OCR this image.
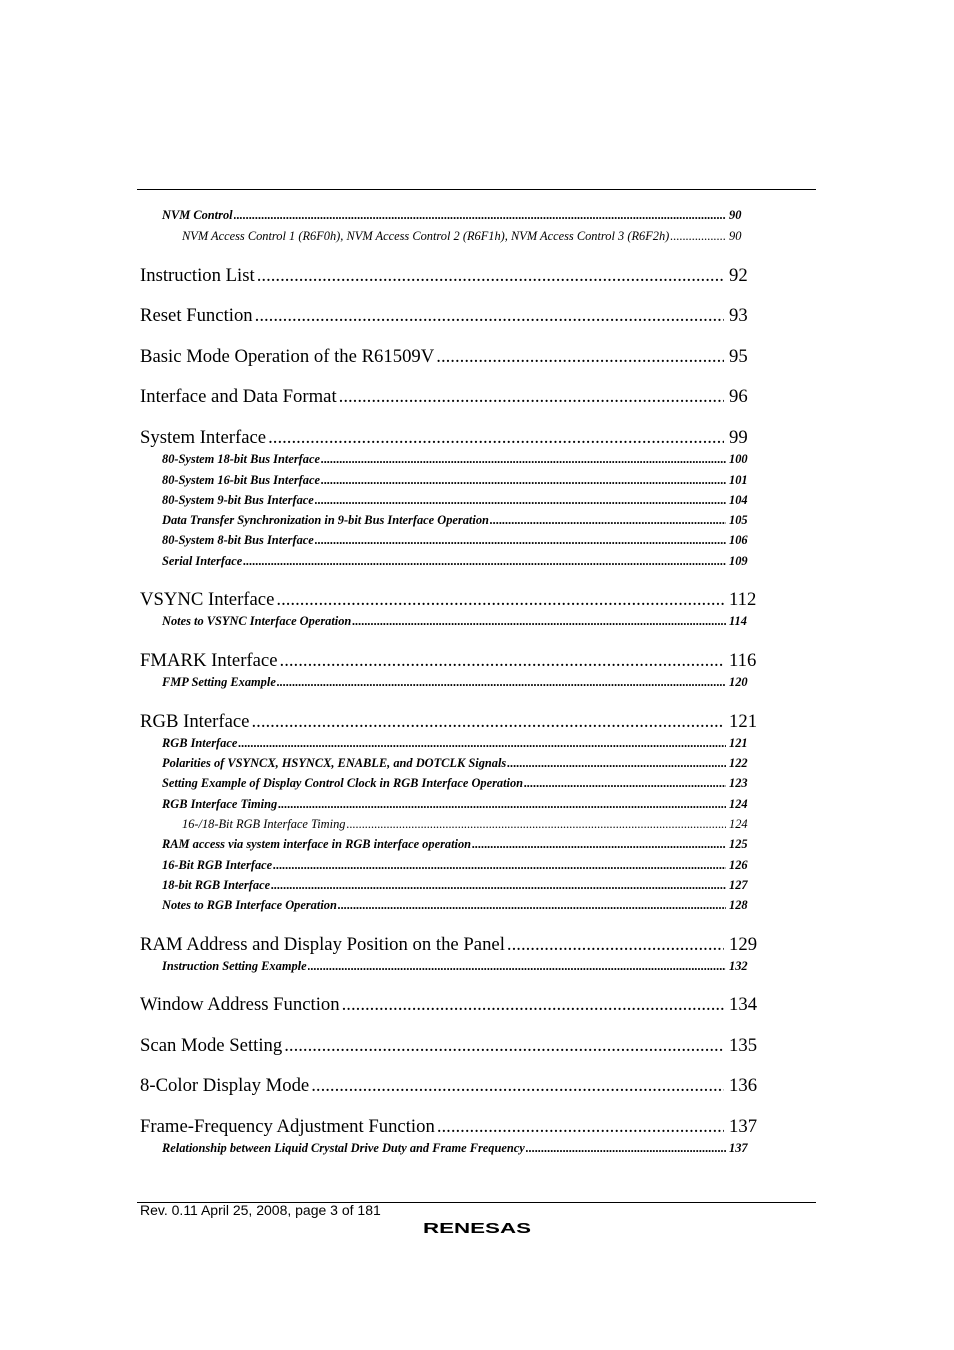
NVM Control .....	90
NVM Access Control 1 (R6F0h), NVM Access Control 2 (R6F1h), NVM Access Control 3 (R6F2h) .....	90
Instruction List .....	92
Reset Function .....	93
Basic Mode Operation of the R61509V .....	95
Interface and Data Format .....	96
System Interface .....	99
80-System 18-bit Bus Interface .....	100
80-System 16-bit Bus Interface .....	101
80-System 9-bit Bus Interface .....	104
Data Transfer Synchronization in 9-bit Bus Interface Operation .....	105
80-System 8-bit Bus Interface .....	106
Serial Interface .....	109
VSYNC Interface .....	112
Notes to VSYNC Interface Operation .....	114
FMARK Interface .....	116
FMP Setting Example .....	120
RGB Interface .....	121
RGB Interface .....	121
Polarities of VSYNCX, HSYNCX, ENABLE, and DOTCLK Signals .....	122
Setting Example of Display Control Clock in RGB Interface Operation .....	123
RGB Interface Timing .....	124
16-/18-Bit RGB Interface Timing .....	124
RAM access via system interface in RGB interface operation .....	125
16-Bit RGB Interface .....	126
18-bit RGB Interface .....	127
Notes to RGB Interface Operation .....	128
RAM Address and Display Position on the Panel .....	129
Instruction Setting Example .....	132
Window Address Function .....	134
Scan Mode Setting .....	135
8-Color Display Mode .....	136
Frame-Frequency Adjustment Function .....	137
Relationship between Liquid Crystal Drive Duty and Frame Frequency .....	137
Rev. 0.11 April 25, 2008, page 3 of 181
RENESAS
